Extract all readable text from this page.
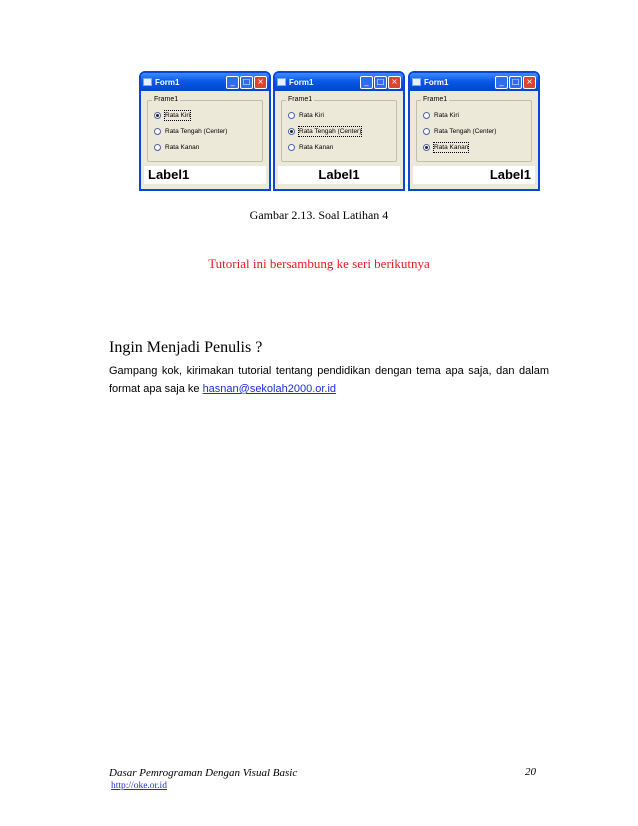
Form1	_	□ ×
Frame1
Rata Kiri
Rata Tengah (Center)
Rata Kanan
Label1
Form1	_	□ ×
Frame1
Rata Kiri
Rata Tengah (Center)
Rata Kanan
Label1
Form1	_	□ ×
Frame1
Rata Kiri
Rata Tengah (Center)
Rata Kanan
Label1
Gambar 2.13. Soal Latihan 4
Tutorial ini bersambung ke seri berikutnya
Ingin Menjadi Penulis ?
Gampang kok, kirimakan tutorial tentang pendidikan dengan tema apa saja, dan dalam format apa saja ke hasnan@sekolah2000.or.id
Dasar Pemrograman Dengan Visual Basic	20
http://oke.or.id
